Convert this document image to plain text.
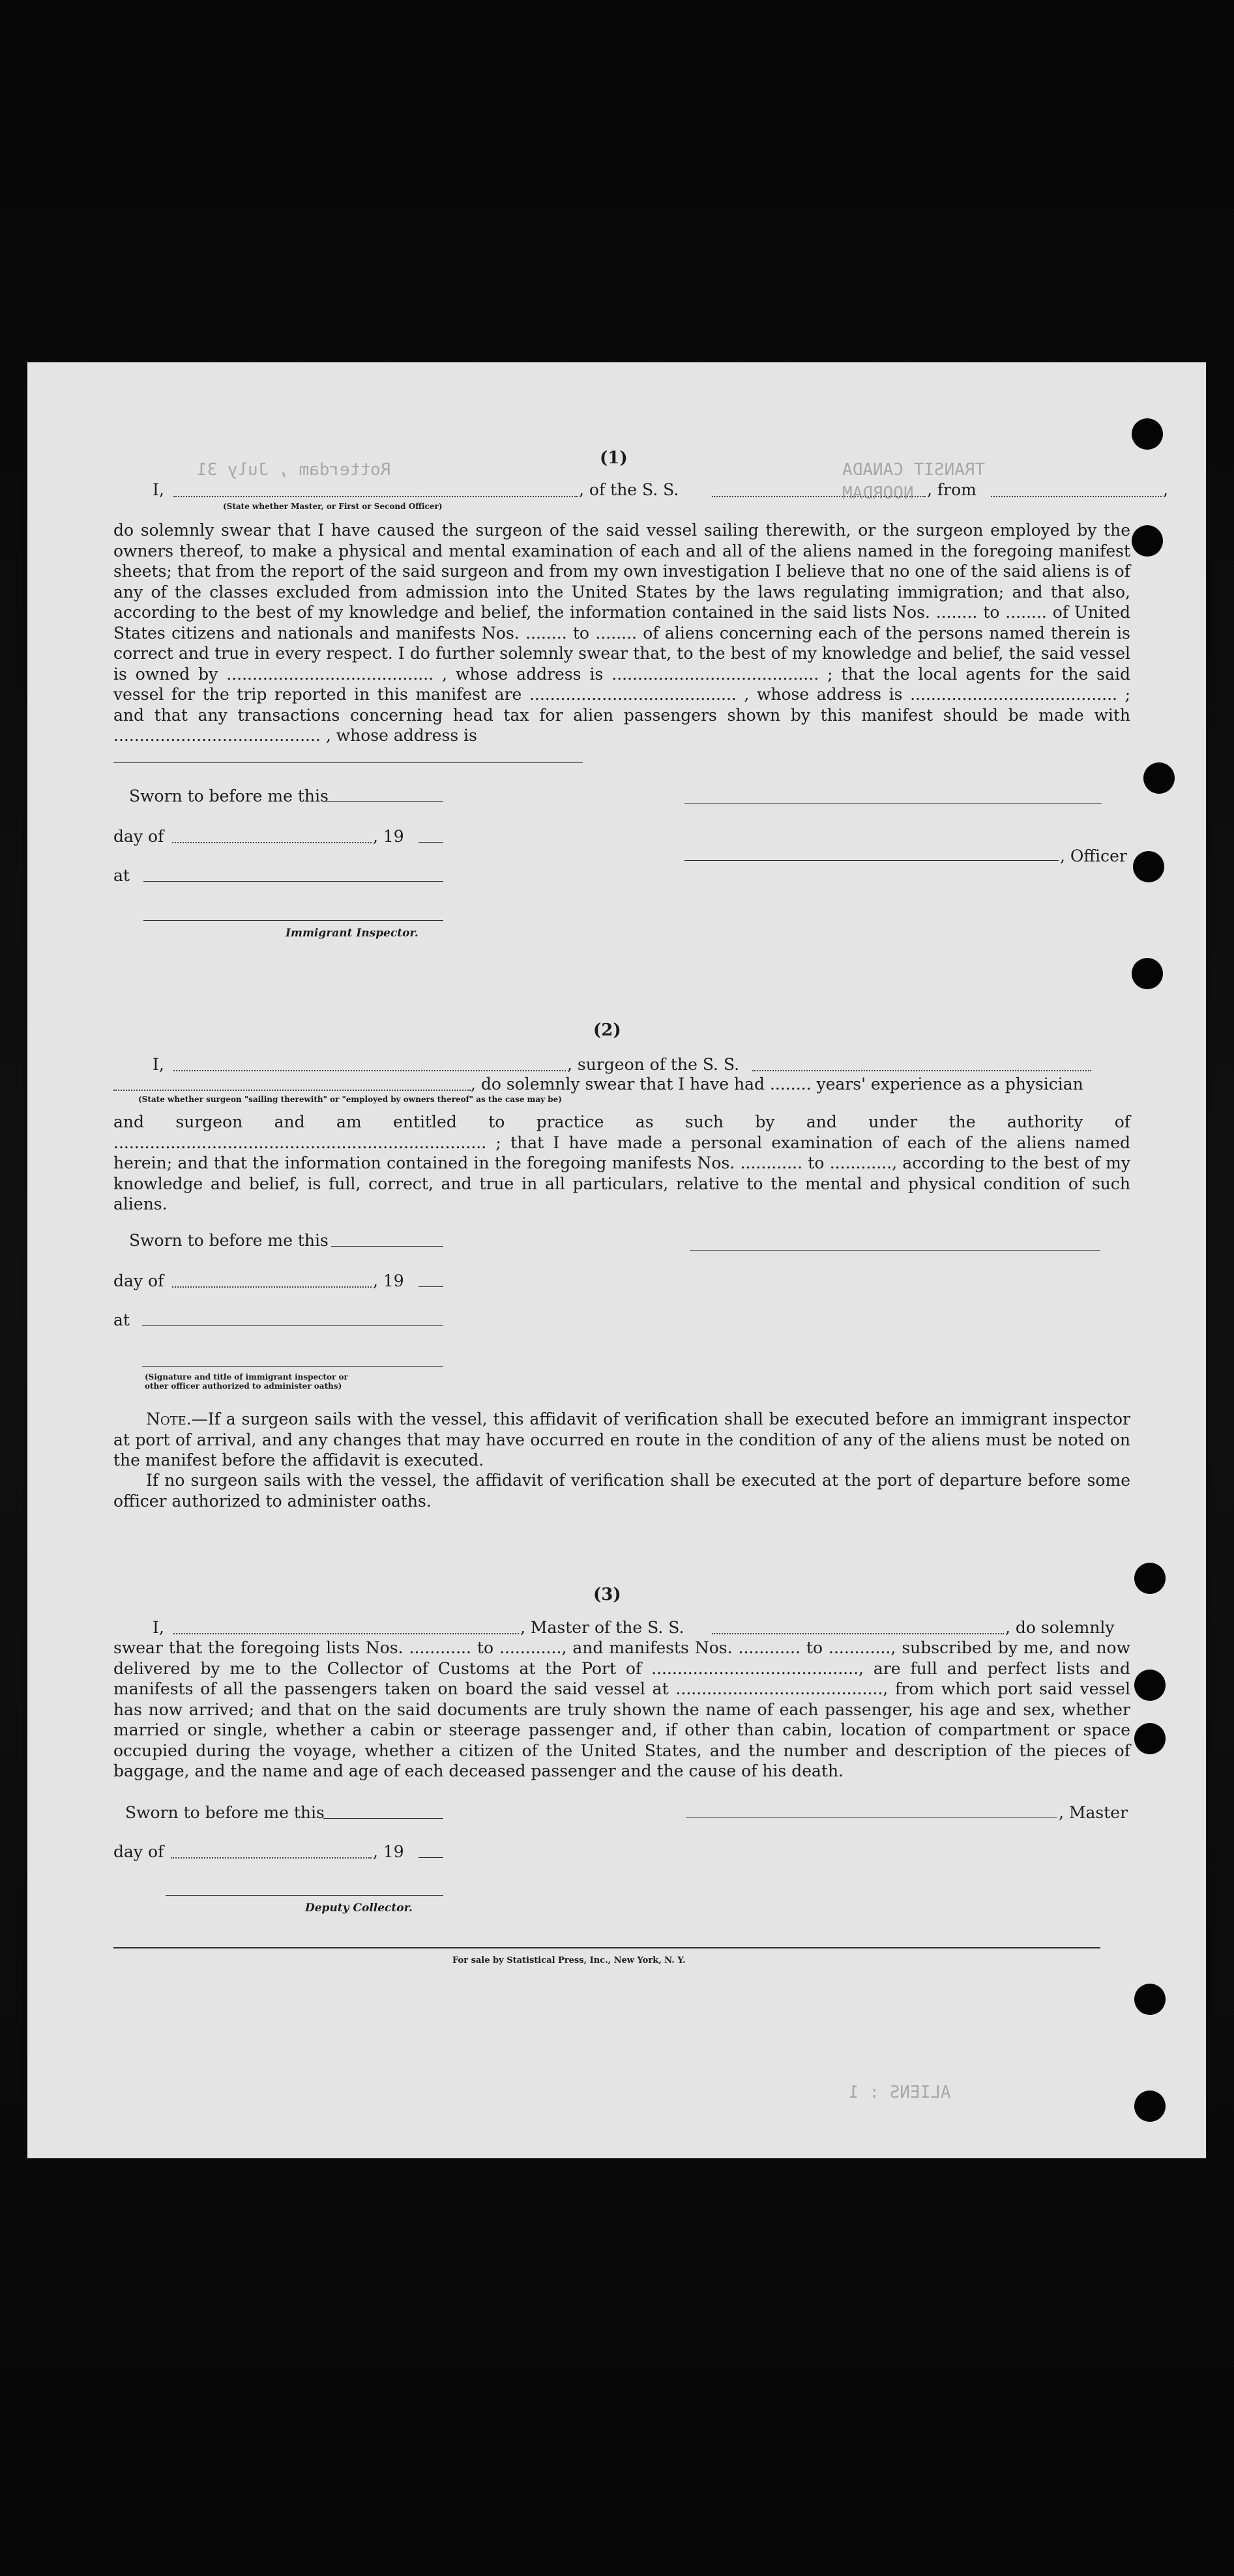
Rotterdam , July 31	TRANSIT CANADA
NOORDAM
ALIENS : 1
(1)
I,	, of the S. S.	, from	,
(State whether Master, or First or Second Officer)
do solemnly swear that I have caused the surgeon of the said vessel sailing therewith, or the surgeon employed by the owners thereof, to make a physical and mental examination of each and all of the aliens named in the foregoing manifest sheets; that from the report of the said surgeon and from my own investigation I believe that no one of the said aliens is of any of the classes excluded from admission into the United States by the laws regulating immigration; and that also, according to the best of my knowledge and belief, the information contained in the said lists Nos. ........ to ........ of United States citizens and nationals and manifests Nos. ........ to ........ of aliens concerning each of the persons named therein is correct and true in every respect. I do further solemnly swear that, to the best of my knowledge and belief, the said vessel is owned by ........................................ , whose address is ........................................ ; that the local agents for the said vessel for the trip reported in this manifest are ........................................ , whose address is ........................................ ; and that any transactions concerning head tax for alien passengers shown by this manifest should be made with ........................................ , whose address is
Sworn to before me this
day of	, 19
at
Immigrant Inspector.
, Officer
(2)
I,	, surgeon of the S. S.
, do solemnly swear that I have had ........ years' experience as a physician
(State whether surgeon "sailing therewith" or "employed by owners thereof" as the case may be)
and surgeon and am entitled to practice as such by and under the authority of ........................................................................ ; that I have made a personal examination of each of the aliens named herein; and that the information contained in the foregoing manifests Nos. ............ to ............, according to the best of my knowledge and belief, is full, correct, and true in all particulars, relative to the mental and physical condition of such aliens.
Sworn to before me this
day of	, 19
at
(Signature and title of immigrant inspector or
other officer authorized to administer oaths)
Note.—If a surgeon sails with the vessel, this affidavit of verification shall be executed before an immigrant inspector at port of arrival, and any changes that may have occurred en route in the condition of any of the aliens must be noted on the manifest before the affidavit is executed.
If no surgeon sails with the vessel, the affidavit of verification shall be executed at the port of departure before some officer authorized to administer oaths.
(3)
I,	, Master of the S. S.	, do solemnly
swear that the foregoing lists Nos. ............ to ............, and manifests Nos. ............ to ............, subscribed by me, and now delivered by me to the Collector of Customs at the Port of ........................................, are full and perfect lists and manifests of all the passengers taken on board the said vessel at ........................................, from which port said vessel has now arrived; and that on the said documents are truly shown the name of each passenger, his age and sex, whether married or single, whether a cabin or steerage passenger and, if other than cabin, location of compartment or space occupied during the voyage, whether a citizen of the United States, and the number and description of the pieces of baggage, and the name and age of each deceased passenger and the cause of his death.
Sworn to before me this
day of	, 19
Deputy Collector.
, Master
For sale by Statistical Press, Inc., New York, N. Y.
